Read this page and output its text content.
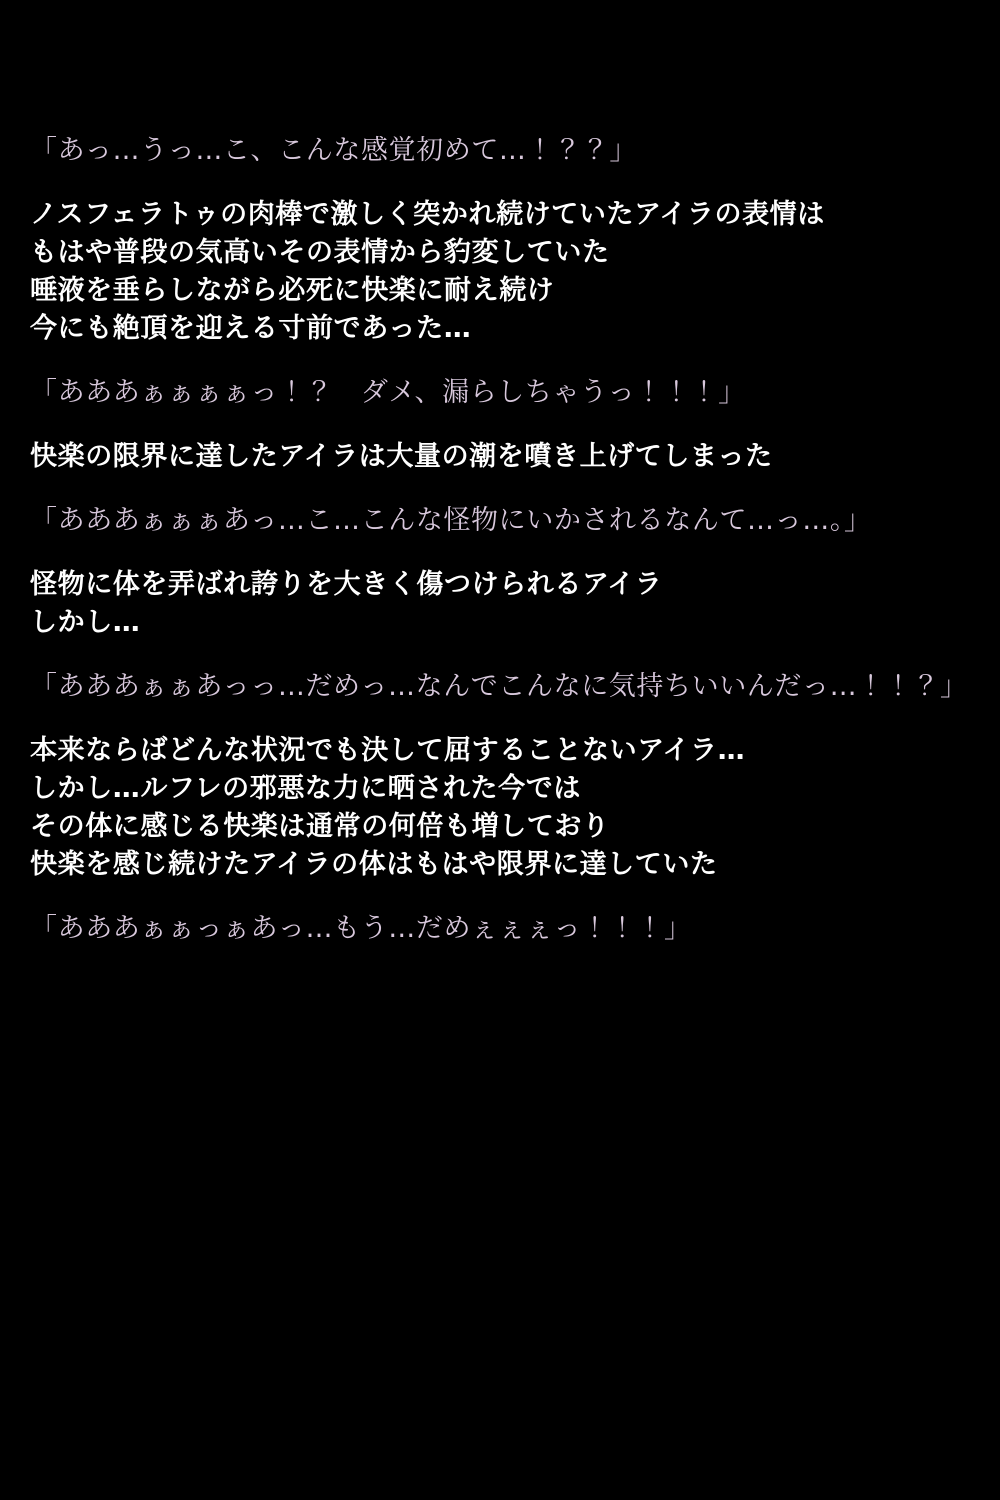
「あっ…うっ…こ、こんな感覚初めて…！？？」
ノスフェラトゥの肉棒で激しく突かれ続けていたアイラの表情は
もはや普段の気高いその表情から豹変していた
唾液を垂らしながら必死に快楽に耐え続け
今にも絶頂を迎える寸前であった…
「あああぁぁぁぁっ！？　ダメ、漏らしちゃうっ！！！」
快楽の限界に達したアイラは大量の潮を噴き上げてしまった
「あああぁぁぁあっ…こ…こんな怪物にいかされるなんて…っ…。」
怪物に体を弄ばれ誇りを大きく傷つけられるアイラ
しかし…
「あああぁぁあっっ…だめっ…なんでこんなに気持ちいいんだっ…！！？」
本来ならばどんな状況でも決して屈することないアイラ…
しかし…ルフレの邪悪な力に晒された今では
その体に感じる快楽は通常の何倍も増しており
快楽を感じ続けたアイラの体はもはや限界に達していた
「あああぁぁっぁあっ…もう…だめぇぇぇっ！！！」
